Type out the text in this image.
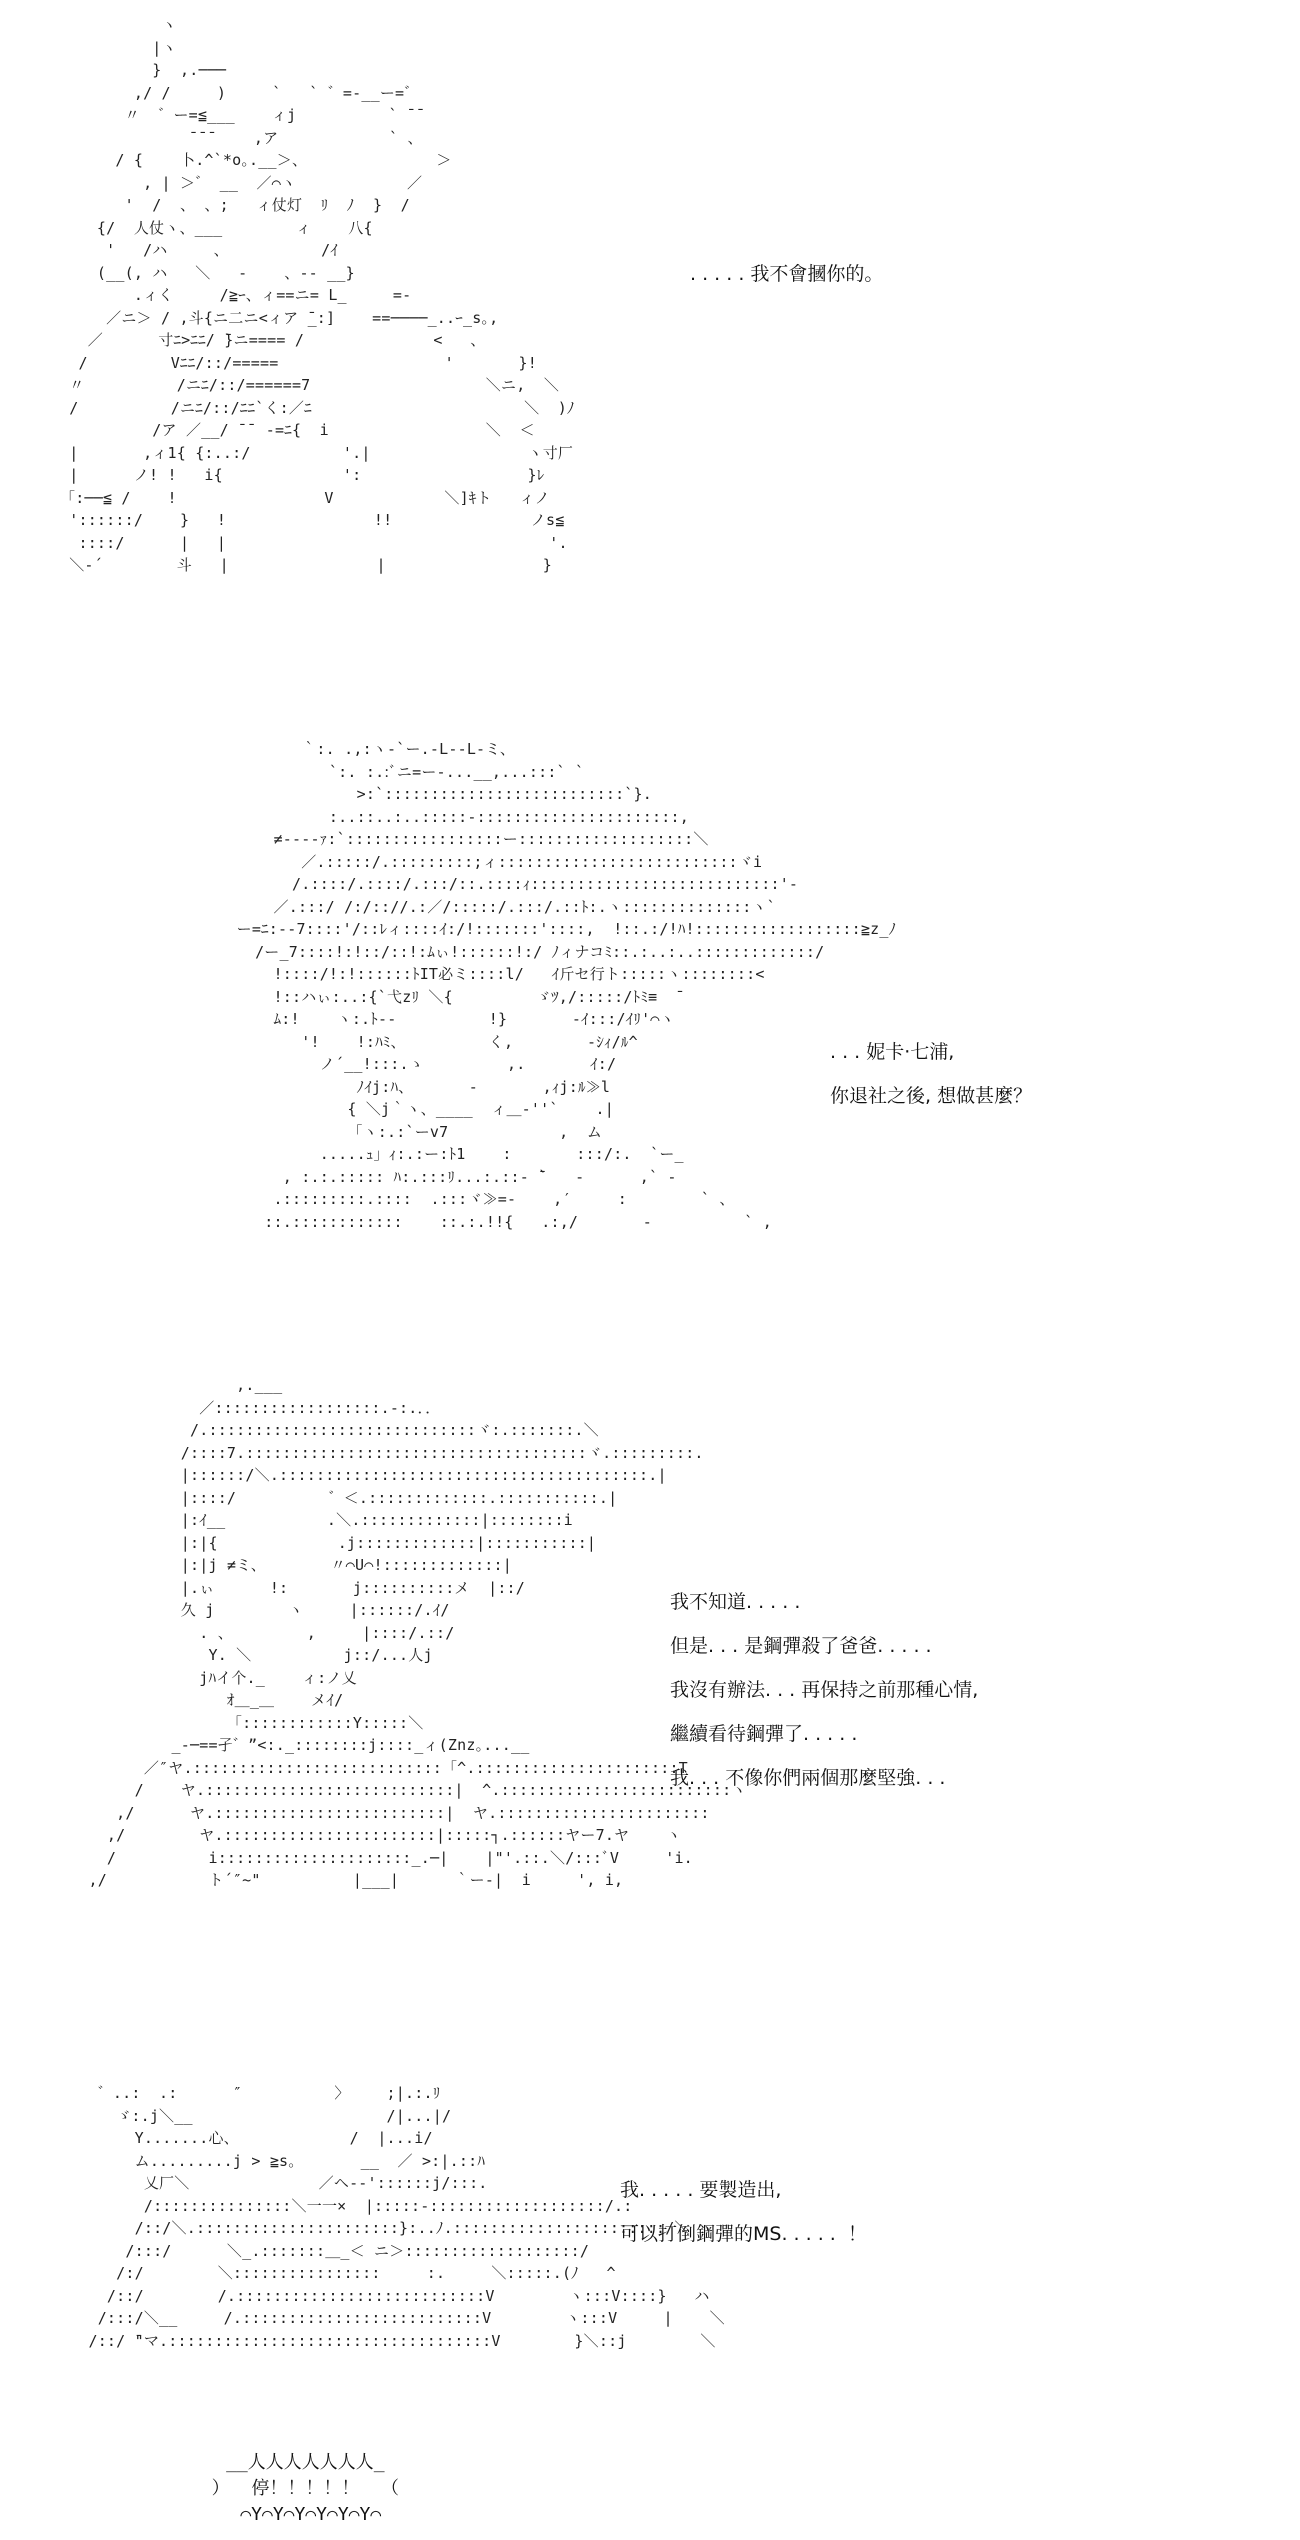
ヽ
|ヽ
}  ,.───
,/ /     )     `   ` ゛=-__ー=゛
〃  ゛ー=≦___    ィj          ` ̄ ̄
̄ ̄ ̄     ,ア            ` 、
/ {    卜.^`*o｡.__＞、              ＞
, | ＞゛ __  ／⌒ヽ            ／
'  /  、 、;   ィ仗灯  ﾘ  ﾉ  }  /
{/  人仗ヽ、___        ィ    八{
'   /ハ     、          /ｲ
(__(, ハ   ＼   ‐    、-‐ __}
.ィく     /≧ｰ、ィ==ニ= L_     =-
／ニ＞ / ,斗{ニ二ニ<ィア ̄_:]    ==────_..ｰ_s｡,
／      寸ﾆ>ﾆﾆ/ ̄}ニ==== /              <   、
/         Vﾆﾆ/::/=====                  '       }!
〃          /ニﾆ/::/======7                   ＼ニ,  ＼
/          /ニﾆ/::/ﾆﾆ`く:／ﾆ                       ＼  )ﾉ
/ア ／__/ ̄ ̄  ‐=ﾆ{  i                 ＼  ＜
|       ,ィ1{ {:..:/          '.|                 ヽ寸厂
|      ノ! !   i{             ':                  }ﾚ
「:──≦ /    !                V            ＼]ｷト   ィノ
'::::::/    }   !                !!               ノs≦
::::/      |   |                                   '.
＼-´        斗   |                |                 }

. . . . . 我不會摑你的。

｀:. .,:ヽ-`ー.‐L‐‐L‐ミ、
`:. :.:ﾞニ=ー-...__,...:::` `
>:`::::::::::::::::::::::::::`}.
:..::..:..:::::‐::::::::::::::::::::::,
≠----ｧ:`:::::::::::::::::ー:::::::::::::::::::＼
／.:::::/.:::::::::;ィ::::::::::::::::::::::::::ヾi
/.::::/.::::/.:::/::.::::ｨ:::::::::::::::::::::::::::'‐
／.:::/ /:/:://.:／/:::::/.:::/.::ﾄ:.ヽ::::::::::::::ヽ`
ー=ﾆ:--7::::'/::ﾚィ::::ｲ:/!:::::::'::::,  !::.:/!ﾊ!::::::::::::::::::≧z_ﾉ
/ー_7::::!:!::/::!:ﾑぃ!::::::!:/ ﾉィナコﾐ::.:..:..:::::::::::::/
!::::/!:!::::::ﾄIT必ミ::::l/   ｲ斤セ行ト:::::ヽ::::::::<
!::ハぃ:..:{`弋zﾘ ＼{         ゞﾂ,/:::::/ﾄﾐ≡  ̄
ﾑ:!    ヽ:.ﾄ-‐          !}       -ｲ:::/ｲﾘ'⌒ヽ
'!    !:ﾊﾐ、         く,        -ｼｨ/ﾙ^
ノ´__!:::.ゝ         ,.       ｲ:/
ﾉｲj:ﾊ、      ‐       ,ｨj:ﾙ≫l
{ ＼j｀ヽ、____  ィ＿‐''`    .|
「ヽ:.:`ーv7            ,  ム
.....ｭ」ｨ:.:ー:ﾄ1    :       :::/:.  `ー_
, :.:.::::: ﾊ:.:::ﾘ...:.::‐ ̄`   -      ,` ‐
.:::::::::.::::  .:::ヾ≫=‐    ,′     :        ` 、
::.::::::::::::    ::.:.!!{   .:,/       ‐          ` ,

. . . 妮卡·七浦,

你退社之後, 想做甚麼？

,.___
／::::::::::::::::::.‐:.．．
/.:::::::::::::::::::::::::::::ヾ:.:::::::.＼
/::::7.:::::::::::::::::::::::::::::::::::::ヾ.:::::::::.
|::::::/＼.::::::::::::::::::::::::::::::::::::::::.|
|::::/          ゛＜.:::::::::::::.:::::::::::.|
|:ｲ__           .＼.:::::::::::::|::::::::i
|:|{             .j:::::::::::::|:::::::::::|
|:|j ≠ミ、       〃⌒U⌒!:::::::::::::|
|.ぃ      !:       j::::::::::メ  |::/
久 j        ヽ     |::::::/.ｲ/
. 、        ,     |::::/.::/
Y. ＼          j::/...人j
jﾊイ个._    ィ:ノ乂
ｵ＿_＿    メｲ/
「::::::::::::Y:::::＼
_-─==孑゛”<:._::::::::j::::_ィ(Znz｡...__
／″ヤ.:::::::::::::::::::::::::::「^.::::::::::::::::::::::T
/    ヤ.:::::::::::::::::::::::::::|  ^.:::::::::::::::::::::::::ヽ
,/      ヤ.:::::::::::::::::::::::::|  ヤ.:::::::::::::::::::::::
,/        ヤ.:::::::::::::::::::::::|:::::┐.::::::ヤー7.ヤ    ヽ
/          i:::::::::::::::::::::_.─|    |"'.::.＼/:::ﾞV     'i.
,/           ト´″~"          |___|      ｀ー‐|  i     ', i,

我不知道. . . . .

但是. . . 是鋼彈殺了爸爸. . . . .

我沒有辦法. . . 再保持之前那種心情,

繼續看待鋼彈了. . . . .

我. . . 不像你們兩個那麼堅強. . .

゛..:  .:      ″          〉    ;|.:.ﾘ
ゞ:.j＼__                     /|...|/
Y.......心、            /  |...i/
ム.........j > ≧s｡       __  ／ >:|.::ﾊ
乂厂＼              ／ヘ-‐'::::::j/:::.
/:::::::::::::::＼一一×  |:::::‐:::::::::::::::::::/.:
/::/＼.::::::::::::::::::::::}:..ﾉ.:::::::::::::::::::::::/＼ ヽ
/:::/      ＼_.:::::::＿_＜ ニ＞:::::::::::::::::::/
/:/        ＼::::::::::::::::     :.     ＼:::::.(ﾉ   ^
/::/        /.:::::::::::::::::::::::::::V        ヽ:::V::::}   ハ
/:::/＼__     /.::::::::::::::::::::::::::V        ヽ:::V     |    ＼
/::/ ̄"マ.:::::::::::::::::::::::::::::::::::V        }＼::j        ＼

我. . . . . 要製造出,

可以打倒鋼彈的MS. . . . .  ！

__人人人人人人人_
）  停！！！！！  （
⌒Y⌒Y⌒Y⌒Y⌒Y⌒Y⌒
